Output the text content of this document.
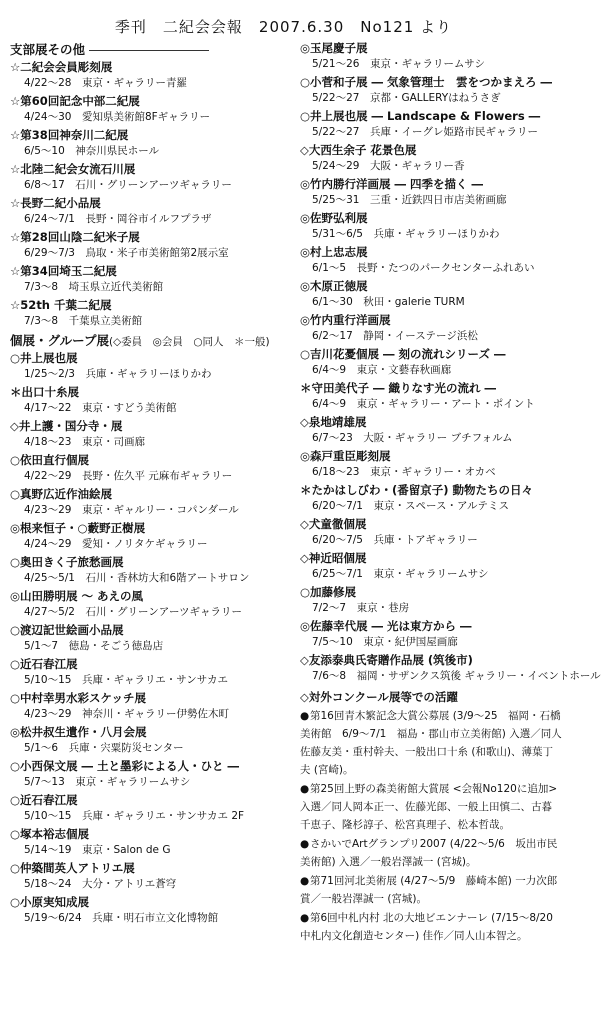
季刊　二紀会会報　2007.6.30　No121 より
支部展その他
☆二紀会会員彫刻展
4/22～28　東京・ギャラリー青羅
☆第60回記念中部二紀展
4/24～30　愛知県美術館8Fギャラリー
☆第38回神奈川二紀展
6/5～10　神奈川県民ホール
☆北陸二紀会女流石川展
6/8～17　石川・グリーンアーツギャラリー
☆長野二紀小品展
6/24～7/1　長野・岡谷市イルフプラザ
☆第28回山陰二紀米子展
6/29～7/3　鳥取・米子市美術館第2展示室
☆第34回埼玉二紀展
7/3～8　埼玉県立近代美術館
☆52th 千葉二紀展
7/3～8　千葉県立美術館
個展・グループ展(◇委員　◎会員　○同人　＊一般)
○井上展也展
1/25～2/3　兵庫・ギャラリーほりかわ
＊出口十糸展
4/17～22　東京・すどう美術館
◇井上護・国分寺・展
4/18～23　東京・司画廊
○依田直行個展
4/22～29　長野・佐久平 元麻布ギャラリー
○真野広近作油絵展
4/23～29　東京・ギャルリー・コパンダール
◎根来恒子・○藪野正樹展
4/24～29　愛知・ノリタケギャラリー
○奥田きく子旅愁画展
4/25～5/1　石川・香林坊大和6階アートサロン
◎山田勝明展 ～ あえの風
4/27～5/2　石川・グリーンアーツギャラリー
○渡辺記世絵画小品展
5/1～7　徳島・そごう徳島店
○近石春江展
5/10～15　兵庫・ギャラリエ・サンサカエ
○中村幸男水彩スケッチ展
4/23～29　神奈川・ギャラリー伊勢佐木町
◎松井叔生遺作・八月会展
5/1～6　兵庫・宍粟防災センター
○小西保文展 ― 土と墨彩による人・ひと ―
5/7～13　東京・ギャラリームサシ
○近石春江展
5/10～15　兵庫・ギャラリエ・サンサカエ 2F
○塚本裕志個展
5/14～19　東京・Salon de G
○仲築間英人アトリエ展
5/18～24　大分・アトリエ蒼穹
○小原実知成展
5/19～6/24　兵庫・明石市立文化博物館
◎玉尾慶子展
5/21～26　東京・ギャラリームサシ
○小菅和子展 ― 気象管理士　雲をつかまえろ ―
5/22～27　京都・GALLERYはねうさぎ
○井上展也展 ― Landscape & Flowers ―
5/22～27　兵庫・イーグレ姫路市民ギャラリー
◇大西生余子 花景色展
5/24～29　大阪・ギャラリー香
◎竹内勝行洋画展 ― 四季を描く ―
5/25～31　三重・近鉄四日市店美術画廊
◎佐野弘利展
5/31～6/5　兵庫・ギャラリーほりかわ
◎村上忠志展
6/1～5　長野・たつのパークセンターふれあい
◎木原正徳展
6/1～30　秋田・galerie TURM
◎竹内重行洋画展
6/2～17　静岡・イーステージ浜松
○吉川花憂個展 ― 刻の流れシリーズ ―
6/4～9　東京・文藝春秋画廊
＊守田美代子 ― 織りなす光の流れ ―
6/4～9　東京・ギャラリー・アート・ポイント
◇泉地靖雄展
6/7～23　大阪・ギャラリー ブチフォルム
◎森戸重臣彫刻展
6/18～23　東京・ギャラリー・オカベ
＊たかはしびわ・(番留京子) 動物たちの日々
6/20～7/1　東京・スペース・アルテミス
◇犬童徹個展
6/20～7/5　兵庫・トアギャラリー
◇神近昭個展
6/25～7/1　東京・ギャラリームサシ
○加藤修展
7/2～7　東京・巷房
◎佐藤幸代展 ― 光は東方から ―
7/5～10　東京・紀伊国屋画廊
◇友添泰典氏寄贈作品展 (筑後市)
7/6～8　福岡・サザンクス筑後 ギャラリー・イベントホール
◇対外コンクール展等での活躍
●第16回青木繁記念大賞公募展 (3/9～25　福岡・石橋美術館　6/9～7/1　福島・郡山市立美術館) 入選／同人佐藤友美・重村幹夫、一般出口十糸 (和歌山)、薄葉丁夫 (宮崎)。
●第25回上野の森美術館大賞展 <会報No120に追加> 入選／同人岡本正一、佐藤光郎、一般上田慎二、古暮千恵子、隆杉諄子、松宮真理子、松本哲哉。
●さかいでArtグランプリ2007 (4/22～5/6　坂出市民美術館) 入選／一般岩澤誠一 (宮城)。
●第71回河北美術展 (4/27～5/9　藤崎本館) 一力次郎賞／一般岩澤誠一 (宮城)。
●第6回中札内村 北の大地ビエンナーレ (7/15～8/20　中札内文化創造センター) 佳作／同人山本智之。
